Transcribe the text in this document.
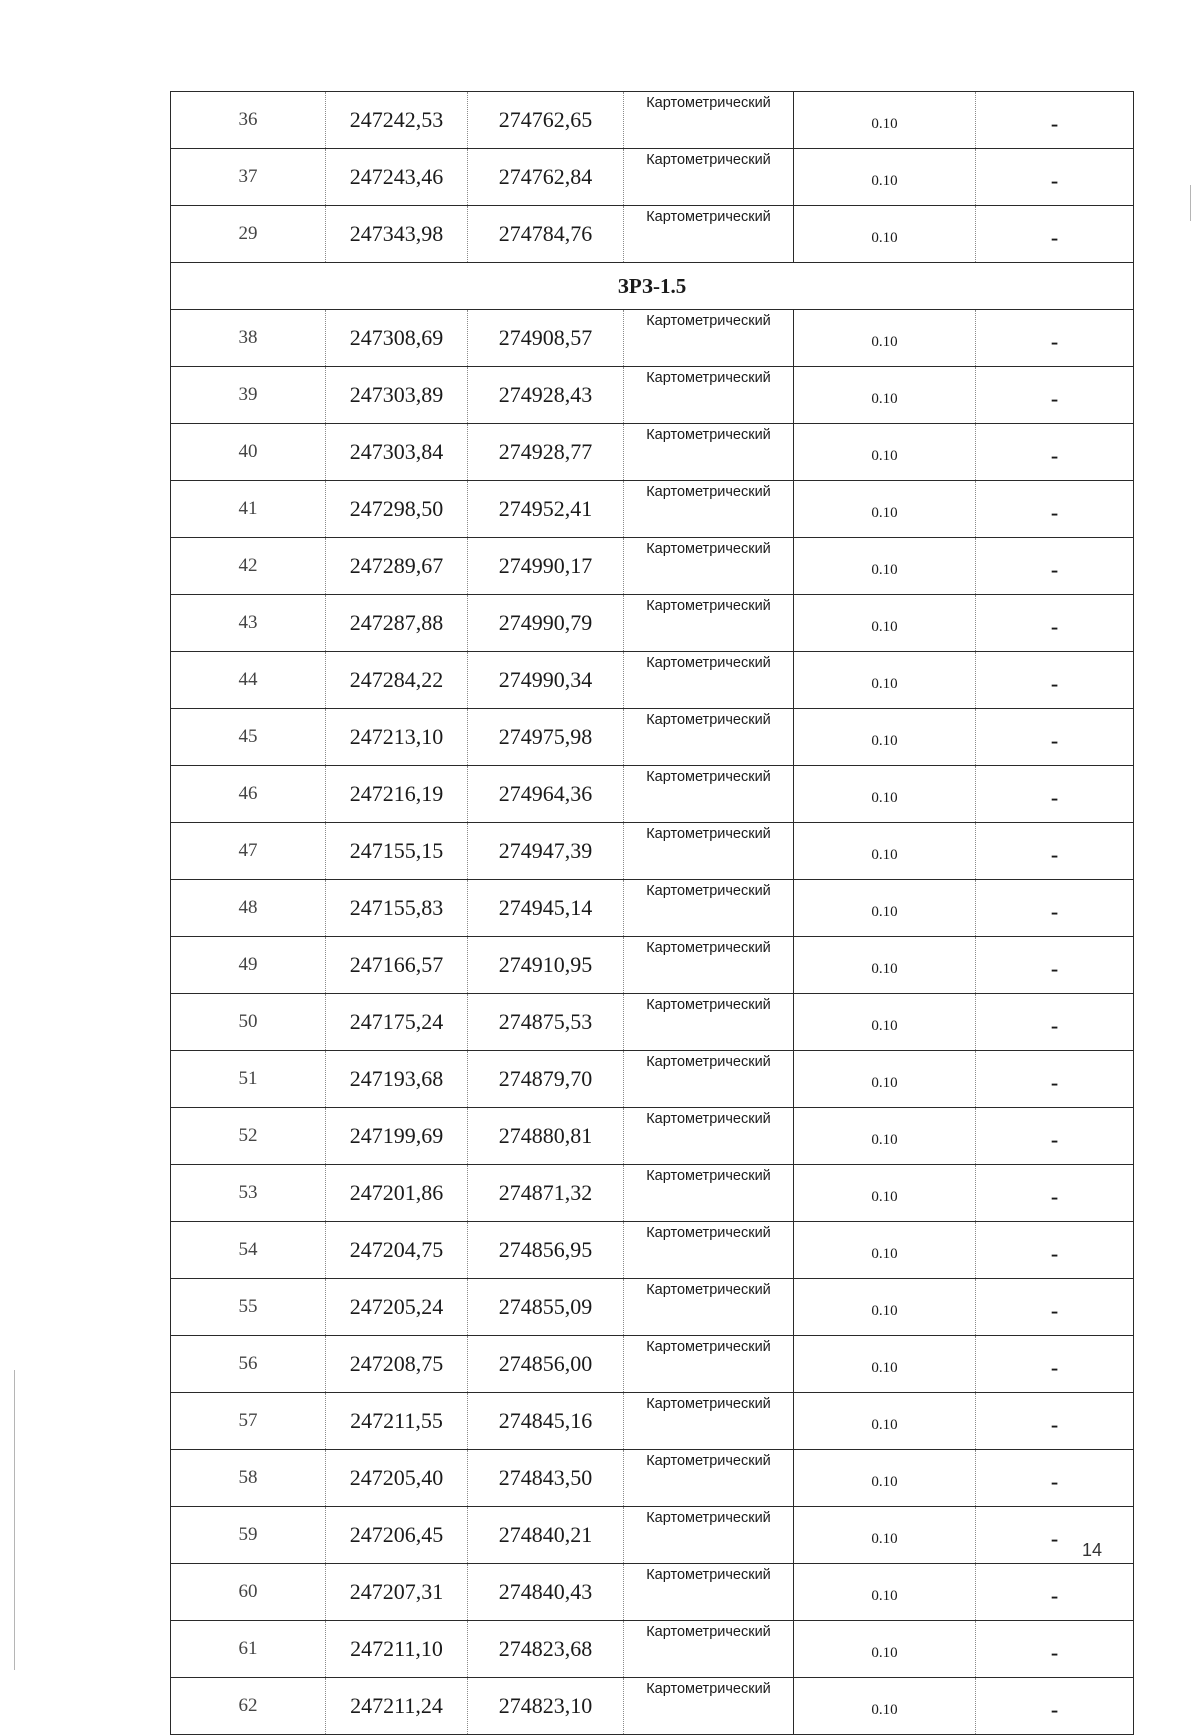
36	247242,53	274762,65	Картометрический	0.10	-
37	247243,46	274762,84	Картометрический	0.10	-
29	247343,98	274784,76	Картометрический	0.10	-
ЗРЗ-1.5					
38	247308,69	274908,57	Картометрический	0.10	-
39	247303,89	274928,43	Картометрический	0.10	-
40	247303,84	274928,77	Картометрический	0.10	-
41	247298,50	274952,41	Картометрический	0.10	-
42	247289,67	274990,17	Картометрический	0.10	-
43	247287,88	274990,79	Картометрический	0.10	-
44	247284,22	274990,34	Картометрический	0.10	-
45	247213,10	274975,98	Картометрический	0.10	-
46	247216,19	274964,36	Картометрический	0.10	-
47	247155,15	274947,39	Картометрический	0.10	-
48	247155,83	274945,14	Картометрический	0.10	-
49	247166,57	274910,95	Картометрический	0.10	-
50	247175,24	274875,53	Картометрический	0.10	-
51	247193,68	274879,70	Картометрический	0.10	-
52	247199,69	274880,81	Картометрический	0.10	-
53	247201,86	274871,32	Картометрический	0.10	-
54	247204,75	274856,95	Картометрический	0.10	-
55	247205,24	274855,09	Картометрический	0.10	-
56	247208,75	274856,00	Картометрический	0.10	-
57	247211,55	274845,16	Картометрический	0.10	-
58	247205,40	274843,50	Картометрический	0.10	-
59	247206,45	274840,21	Картометрический	0.10	-
60	247207,31	274840,43	Картометрический	0.10	-
61	247211,10	274823,68	Картометрический	0.10	-
62	247211,24	274823,10	Картометрический	0.10	-
14
